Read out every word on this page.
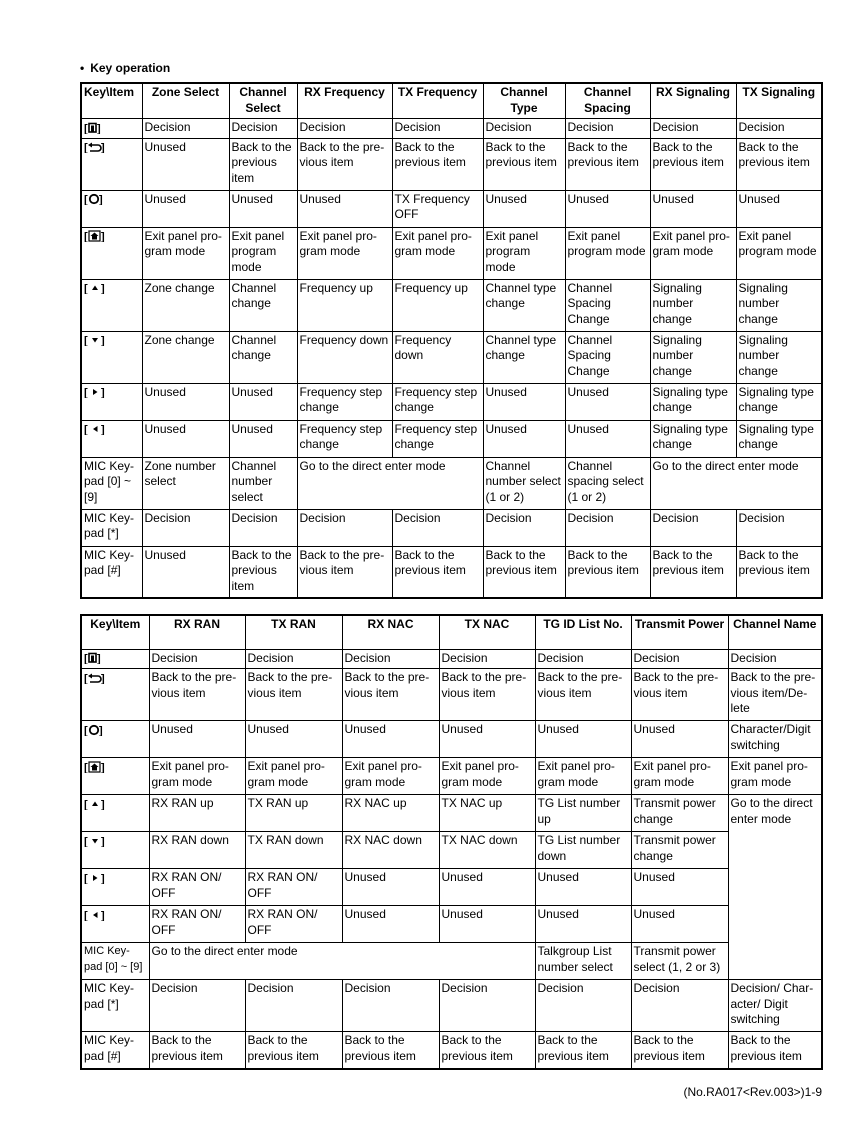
• Key operation
Key\Item	Zone Select	Channel Select	RX Frequency	TX Frequency	Channel Type	Channel Spacing	RX Signaling	TX Signaling

[ ]	Decision	Decision	Decision	Decision	Decision	Decision	Decision	Decision

[ ]	Unused	Back to the previous item	Back to the pre-vious item	Back to the previous item	Back to the previous item	Back to the previous item	Back to the previous item	Back to the previous item

[ ]	Unused	Unused	Unused	TX Frequency OFF	Unused	Unused	Unused	Unused

[ ]	Exit panel pro-gram mode	Exit panel program mode	Exit panel pro-gram mode	Exit panel pro-gram mode	Exit panel program mode	Exit panel program mode	Exit panel pro-gram mode	Exit panel program mode

[ ]	Zone change	Channel change	Frequency up	Frequency up	Channel type change	Channel Spacing Change	Signaling number change	Signaling number change

[ ]	Zone change	Channel change	Frequency down	Frequency down	Channel type change	Channel Spacing Change	Signaling number change	Signaling number change

[ ]	Unused	Unused	Frequency step change	Frequency step change	Unused	Unused	Signaling type change	Signaling type change

[ ]	Unused	Unused	Frequency step change	Frequency step change	Unused	Unused	Signaling type change	Signaling type change
MIC Key-pad [0] ~ [9]	Zone number select	Channel number select	Go to the direct enter mode		Channel number select (1 or 2)	Channel spacing select (1 or 2)	Go to the direct enter mode	
MIC Key-pad [*]	Decision	Decision	Decision	Decision	Decision	Decision	Decision	Decision
MIC Key-pad [#]	Unused	Back to the previous item	Back to the pre-vious item	Back to the previous item	Back to the previous item	Back to the previous item	Back to the previous item	Back to the previous item
Key\Item	RX RAN	TX RAN	RX NAC	TX NAC	TG ID List No.	Transmit Power	Channel Name

[ ]	Decision	Decision	Decision	Decision	Decision	Decision	Decision

[ ]	Back to the pre-vious item	Back to the pre-vious item	Back to the pre-vious item	Back to the pre-vious item	Back to the pre-vious item	Back to the pre-vious item	Back to the pre-vious item/De-lete

[ ]	Unused	Unused	Unused	Unused	Unused	Unused	Character/Digit switching

[ ]	Exit panel pro-gram mode	Exit panel pro-gram mode	Exit panel pro-gram mode	Exit panel pro-gram mode	Exit panel pro-gram mode	Exit panel pro-gram mode	Exit panel pro-gram mode

[ ]	RX RAN up	TX RAN up	RX NAC up	TX NAC up	TG List number up	Transmit power change	Go to the direct enter mode

[ ]	RX RAN down	TX RAN down	RX NAC down	TX NAC down	TG List number down	Transmit power change	

[ ]	RX RAN ON/ OFF	RX RAN ON/ OFF	Unused	Unused	Unused	Unused	

[ ]	RX RAN ON/ OFF	RX RAN ON/ OFF	Unused	Unused	Unused	Unused	
MIC Key-pad [0] ~ [9]	Go to the direct enter mode				Talkgroup List number select	Transmit power select (1, 2 or 3)	
MIC Key-pad [*]	Decision	Decision	Decision	Decision	Decision	Decision	Decision/ Char-acter/ Digit switching
MIC Key-pad [#]	Back to the previous item	Back to the previous item	Back to the previous item	Back to the previous item	Back to the previous item	Back to the previous item	Back to the previous item
(No.RA017<Rev.003>)1-9
